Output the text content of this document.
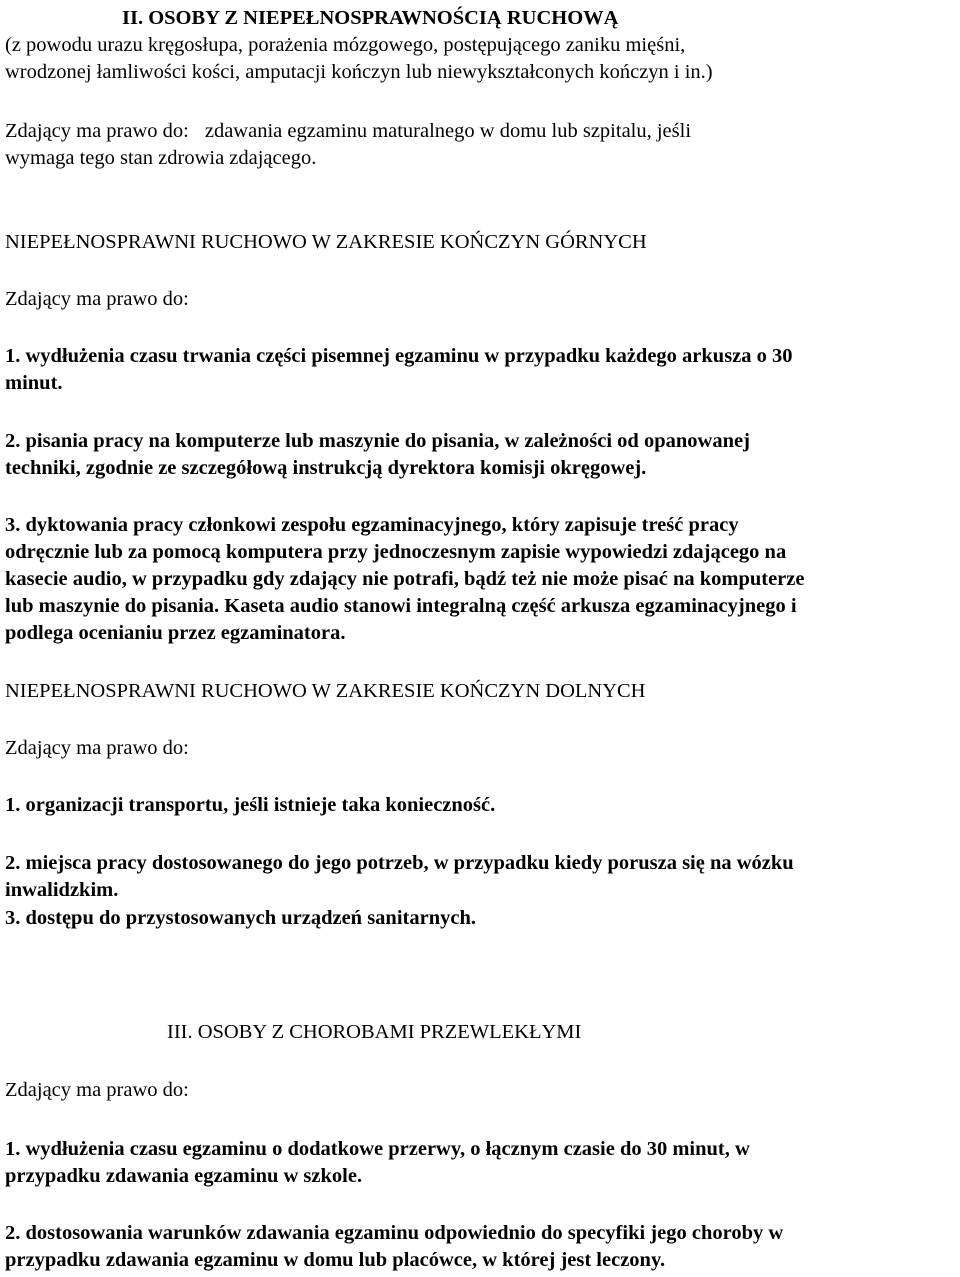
II. OSOBY Z NIEPEŁNOSPRAWNOŚCIĄ RUCHOWĄ

(z powodu urazu kręgosłupa, porażenia mózgowego, postępującego zaniku mięśni,

wrodzonej łamliwości kości, amputacji kończyn lub niewykształconych kończyn i in.)

Zdający ma prawo do: zdawania egzaminu maturalnego w domu lub szpitalu, jeśli

wymaga tego stan zdrowia zdającego.

NIEPEŁNOSPRAWNI RUCHOWO W ZAKRESIE KOŃCZYN GÓRNYCH

Zdający ma prawo do:

1. wydłużenia czasu trwania części pisemnej egzaminu w przypadku każdego arkusza o 30

minut.

2. pisania pracy na komputerze lub maszynie do pisania, w zależności od opanowanej

techniki, zgodnie ze szczegółową instrukcją dyrektora komisji okręgowej.

3. dyktowania pracy członkowi zespołu egzaminacyjnego, który zapisuje treść pracy

odręcznie lub za pomocą komputera przy jednoczesnym zapisie wypowiedzi zdającego na

kasecie audio, w przypadku gdy zdający nie potrafi, bądź też nie może pisać na komputerze

lub maszynie do pisania. Kaseta audio stanowi integralną część arkusza egzaminacyjnego i

podlega ocenianiu przez egzaminatora.

NIEPEŁNOSPRAWNI RUCHOWO W ZAKRESIE KOŃCZYN DOLNYCH

Zdający ma prawo do:

1. organizacji transportu, jeśli istnieje taka konieczność.

2. miejsca pracy dostosowanego do jego potrzeb, w przypadku kiedy porusza się na wózku

inwalidzkim.

3. dostępu do przystosowanych urządzeń sanitarnych.

III. OSOBY Z CHOROBAMI PRZEWLEKŁYMI

Zdający ma prawo do:

1. wydłużenia czasu egzaminu o dodatkowe przerwy, o łącznym czasie do 30 minut, w

przypadku zdawania egzaminu w szkole.

2. dostosowania warunków zdawania egzaminu odpowiednio do specyfiki jego choroby w

przypadku zdawania egzaminu w domu lub placówce, w której jest leczony.
